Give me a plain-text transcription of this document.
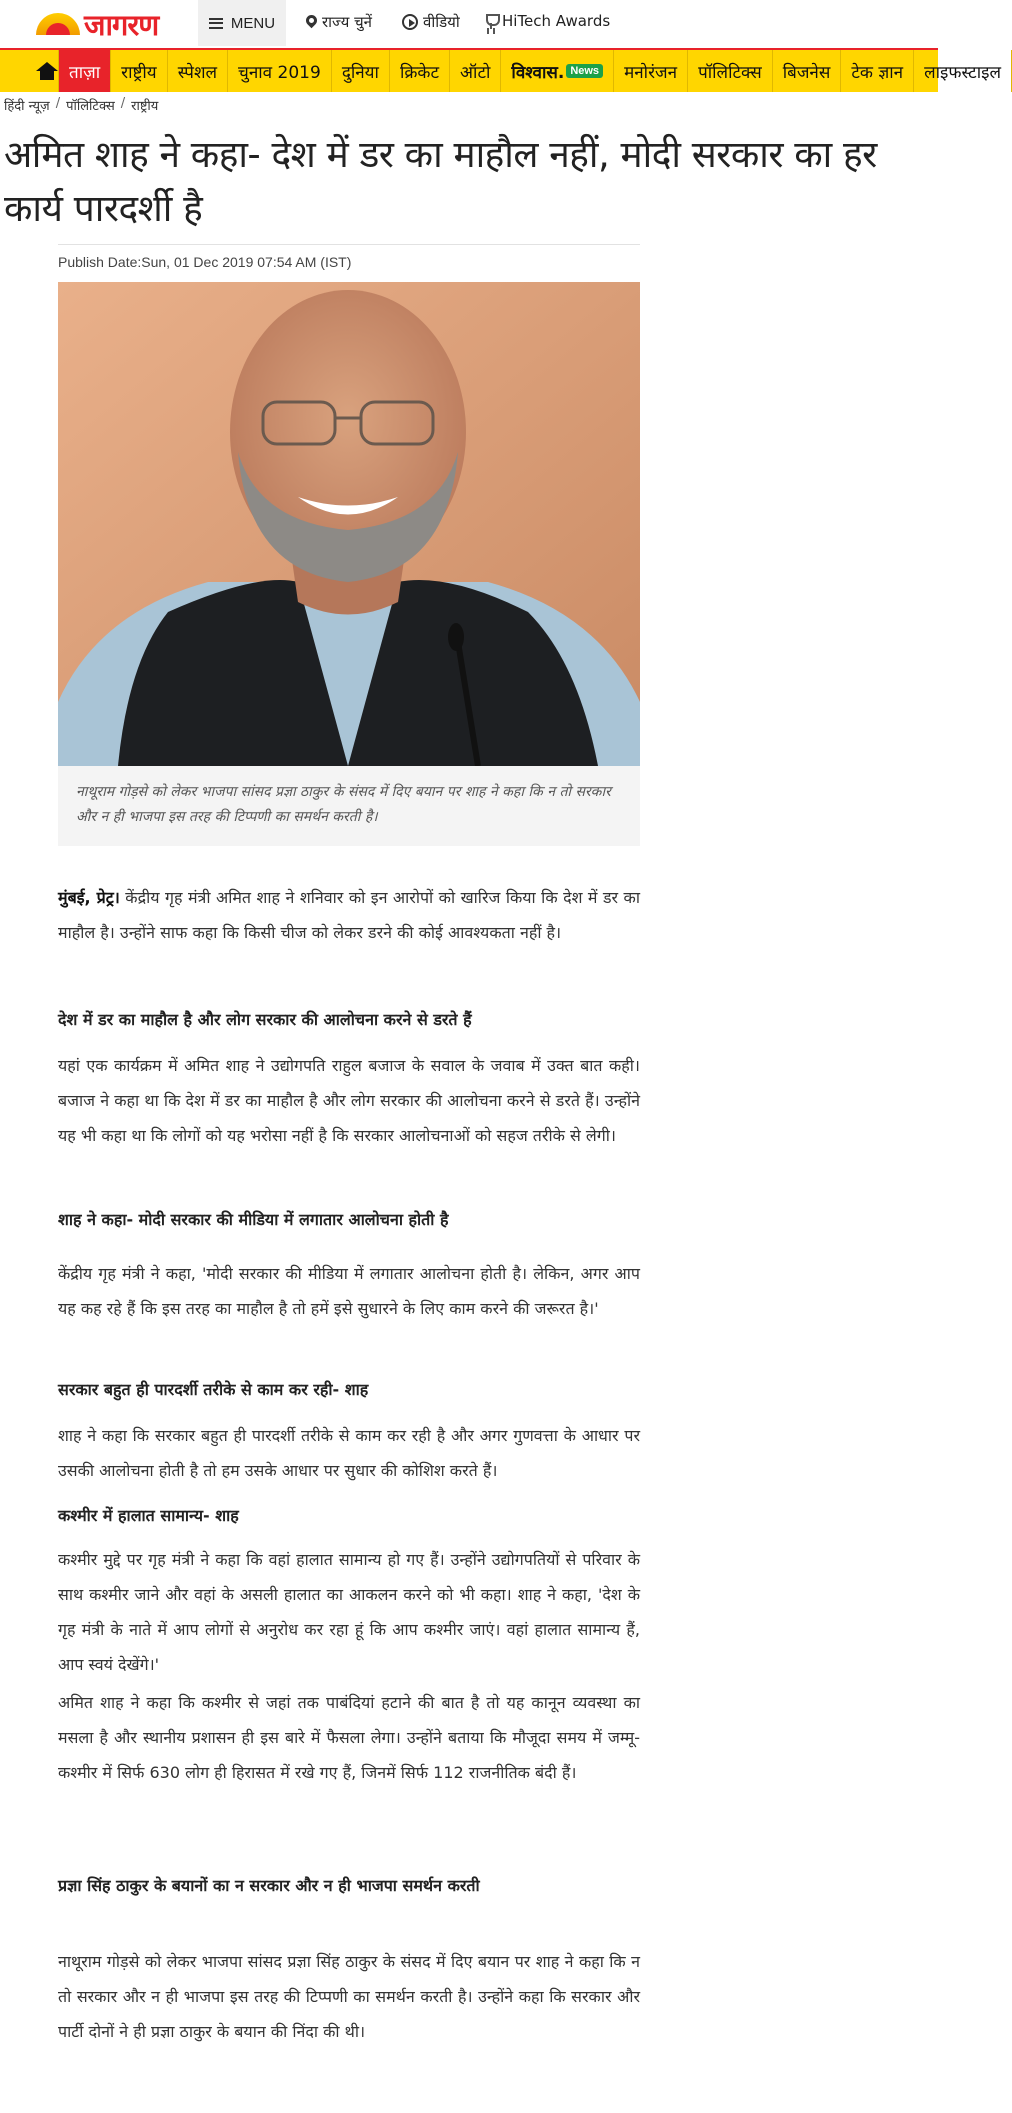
जागरण	MENU	राज्य चुनें	वीडियो	HiTech Awards
ताज़ा	राष्ट्रीय	स्पेशल	चुनाव 2019	दुनिया	क्रिकेट	ऑटो	विश्वास. News	मनोरंजन	पॉलिटिक्स	बिजनेस	टेक ज्ञान	लाइफस्टाइल
हिंदी न्यूज़ / पॉलिटिक्स / राष्ट्रीय
अमित शाह ने कहा- देश में डर का माहौल नहीं, मोदी सरकार का हर कार्य पारदर्शी है
Publish Date:Sun, 01 Dec 2019 07:54 AM (IST)
नाथूराम गोड़से को लेकर भाजपा सांसद प्रज्ञा ठाकुर के संसद में दिए बयान पर शाह ने कहा कि न तो सरकार और न ही भाजपा इस तरह की टिप्पणी का समर्थन करती है।

मुंबई, प्रेट्र। केंद्रीय गृह मंत्री अमित शाह ने शनिवार को इन आरोपों को खारिज किया कि देश में डर का माहौल है। उन्होंने साफ कहा कि किसी चीज को लेकर डरने की कोई आवश्यकता नहीं है।

देश में डर का माहौल है और लोग सरकार की आलोचना करने से डरते हैं

यहां एक कार्यक्रम में अमित शाह ने उद्योगपति राहुल बजाज के सवाल के जवाब में उक्त बात कही। बजाज ने कहा था कि देश में डर का माहौल है और लोग सरकार की आलोचना करने से डरते हैं। उन्होंने यह भी कहा था कि लोगों को यह भरोसा नहीं है कि सरकार आलोचनाओं को सहज तरीके से लेगी।

शाह ने कहा- मोदी सरकार की मीडिया में लगातार आलोचना होती है

केंद्रीय गृह मंत्री ने कहा, 'मोदी सरकार की मीडिया में लगातार आलोचना होती है। लेकिन, अगर आप यह कह रहे हैं कि इस तरह का माहौल है तो हमें इसे सुधारने के लिए काम करने की जरूरत है।'

सरकार बहुत ही पारदर्शी तरीके से काम कर रही- शाह

शाह ने कहा कि सरकार बहुत ही पारदर्शी तरीके से काम कर रही है और अगर गुणवत्ता के आधार पर उसकी आलोचना होती है तो हम उसके आधार पर सुधार की कोशिश करते हैं।

कश्मीर में हालात सामान्य- शाह

कश्मीर मुद्दे पर गृह मंत्री ने कहा कि वहां हालात सामान्य हो गए हैं। उन्होंने उद्योगपतियों से परिवार के साथ कश्मीर जाने और वहां के असली हालात का आकलन करने को भी कहा। शाह ने कहा, 'देश के गृह मंत्री के नाते में आप लोगों से अनुरोध कर रहा हूं कि आप कश्मीर जाएं। वहां हालात सामान्य हैं, आप स्वयं देखेंगे।'

अमित शाह ने कहा कि कश्मीर से जहां तक पाबंदियां हटाने की बात है तो यह कानून व्यवस्था का मसला है और स्थानीय प्रशासन ही इस बारे में फैसला लेगा। उन्होंने बताया कि मौजूदा समय में जम्मू-कश्मीर में सिर्फ 630 लोग ही हिरासत में रखे गए हैं, जिनमें सिर्फ 112 राजनीतिक बंदी हैं।

प्रज्ञा सिंह ठाकुर के बयानों का न सरकार और न ही भाजपा समर्थन करती

नाथूराम गोड़से को लेकर भाजपा सांसद प्रज्ञा सिंह ठाकुर के संसद में दिए बयान पर शाह ने कहा कि न तो सरकार और न ही भाजपा इस तरह की टिप्पणी का समर्थन करती है। उन्होंने कहा कि सरकार और पार्टी दोनों ने ही प्रज्ञा ठाकुर के बयान की निंदा की थी।
